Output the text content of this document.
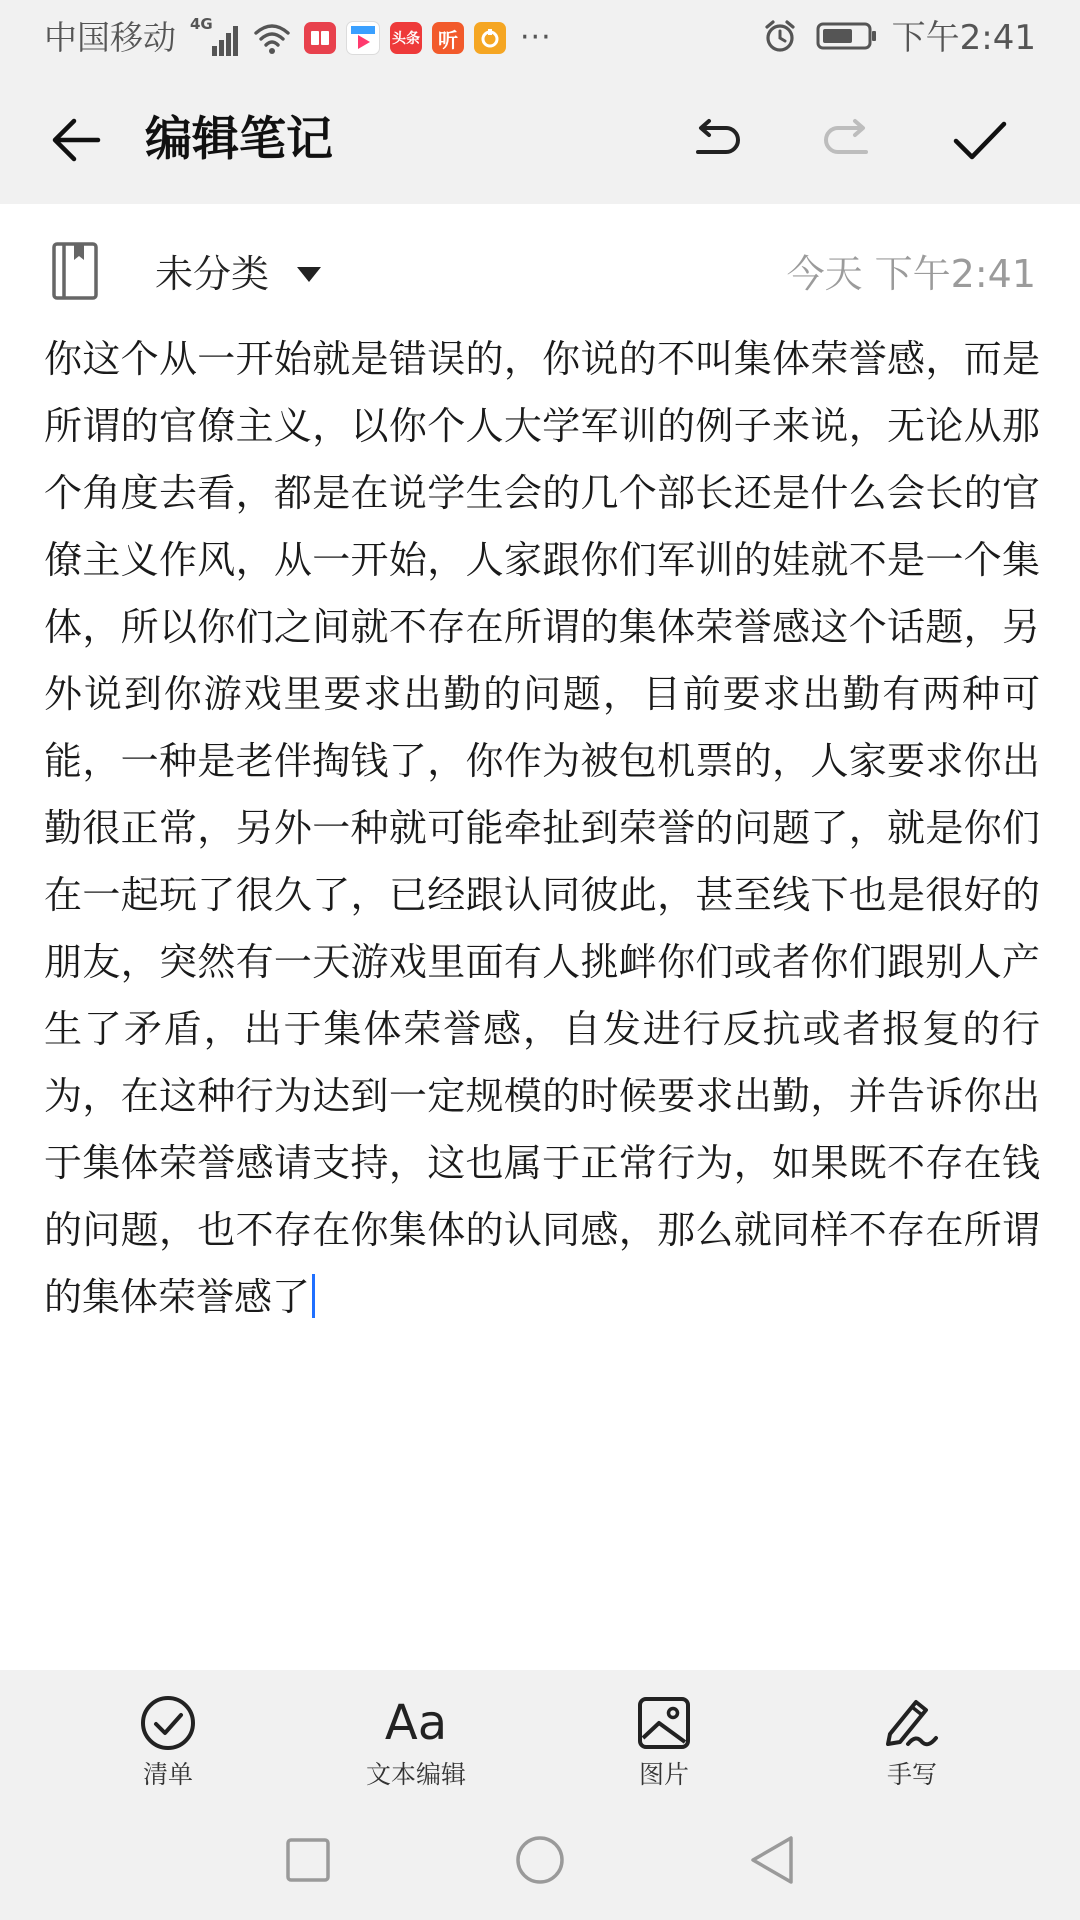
中国移动 4G
头条 听 ···	下午2:41
编辑笔记
未分类	今天 下午2:41
你这个从一开始就是错误的，你说的不叫集体荣誉感，而是所谓的官僚主义，以你个人大学军训的例子来说，无论从那个角度去看，都是在说学生会的几个部长还是什么会长的官僚主义作风，从一开始，人家跟你们军训的娃就不是一个集体，所以你们之间就不存在所谓的集体荣誉感这个话题，另外说到你游戏里要求出勤的问题，目前要求出勤有两种可能，一种是老伴掏钱了，你作为被包机票的，人家要求你出勤很正常，另外一种就可能牵扯到荣誉的问题了，就是你们在一起玩了很久了，已经跟认同彼此，甚至线下也是很好的朋友，突然有一天游戏里面有人挑衅你们或者你们跟别人产生了矛盾，出于集体荣誉感，自发进行反抗或者报复的行为，在这种行为达到一定规模的时候要求出勤，并告诉你出于集体荣誉感请支持，这也属于正常行为，如果既不存在钱的问题，也不存在你集体的认同感，那么就同样不存在所谓的集体荣誉感了
清单
Aa
文本编辑	图片	手写
